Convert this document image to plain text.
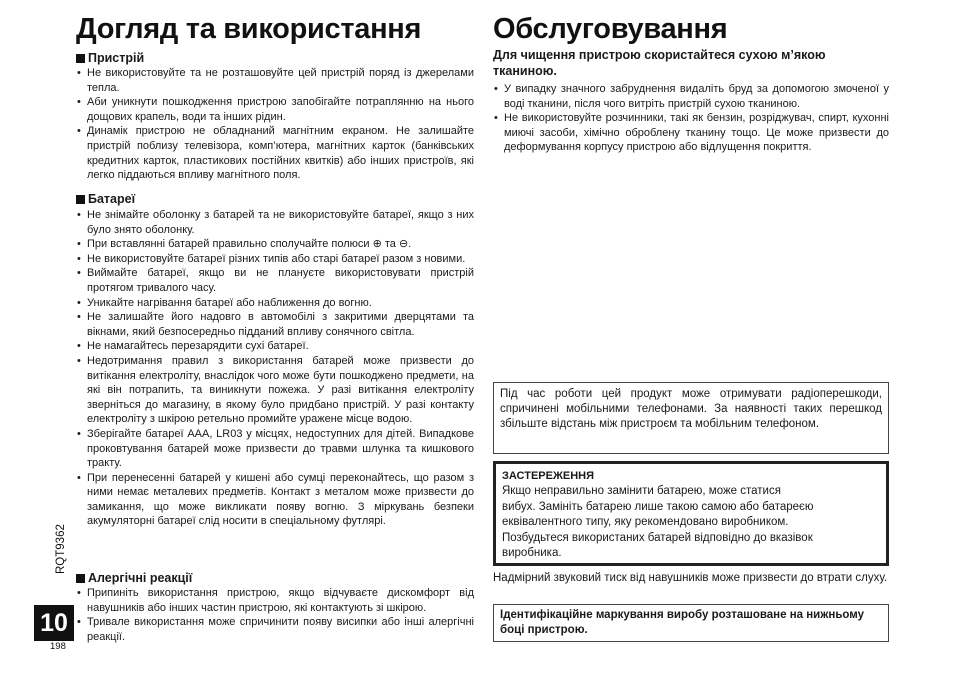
Догляд та використання
Пристрій
• Не використовуйте та не розташовуйте цей пристрій поряд із джерелами тепла.
• Аби уникнути пошкодження пристрою запобігайте потраплянню на нього дощових крапель, води та інших рідин.
• Динамік пристрою не обладнаний магнітним екраном. Не залишайте пристрій поблизу телевізора, комп’ютера, магнітних карток (банківських кредитних карток, пластикових постійних квитків) або інших пристроїв, які легко піддаються впливу магнітного поля.
Батареї
• Не знімайте оболонку з батарей та не використовуйте батареї, якщо з них було знято оболонку.
• При вставлянні батарей правильно сполучайте полюси ⊕ та ⊖.
• Не використовуйте батареї різних типів або старі батареї разом з новими.
• Виймайте батареї, якщо ви не плануєте використовувати пристрій протягом тривалого часу.
• Уникайте нагрівання батареї або наближення до вогню.
• Не залишайте його надовго в автомобілі з закритими дверцятами та вікнами, який безпосередньо підданий впливу сонячного світла.
• Не намагайтесь перезарядити сухі батареї.
• Недотримання правил з використання батарей може призвести до витікання електроліту, внаслідок чого може бути пошкоджено предмети, на які він потрапить, та виникнути пожежа. У разі витікання електроліту зверніться до магазину, в якому було придбано пристрій. У разі контакту електроліту з шкірою ретельно промийте уражене місце водою.
• Зберігайте батареї AAA, LR03 у місцях, недоступних для дітей. Випадкове проковтування батарей може призвести до травми шлунка та кишкового тракту.
• При перенесенні батарей у кишені або сумці переконайтесь, що разом з ними немає металевих предметів. Контакт з металом може призвести до замикання, що може викликати появу вогню. З міркувань безпеки акумуляторні батареї слід носити в спеціальному футлярі.
Алергічні реакції
• Припиніть використання пристрою, якщо відчуваєте дискомфорт від навушників або інших частин пристрою, які контактують зі шкірою.
• Тривале використання може спричинити появу висипки або інші алергічні реакції.
Обслуговування
Для чищення пристрою скористайтеся сухою м’якою тканиною.
• У випадку значного забруднення видаліть бруд за допомогою змоченої у воді тканини, після чого витріть пристрій сухою тканиною.
• Не використовуйте розчинники, такі як бензин, розріджувач, спирт, кухонні миючі засоби, хімічно оброблену тканину тощо. Це може призвести до деформування корпусу пристрою або відлущення покриття.
Під час роботи цей продукт може отримувати радіоперешкоди, спричинені мобільними телефонами. За наявності таких перешкод збільште відстань між пристроєм та мобільним телефоном.
ЗАСТЕРЕЖЕННЯ
Якщо неправильно замінити батарею, може статися
вибух. Замініть батарею лише такою самою або батареєю
еквівалентного типу, яку рекомендовано виробником.
Позбудьтеся використаних батарей відповідно до вказівок
виробника.
Надмірний звуковий тиск від навушників може призвести до втрати слуху.
Ідентифікаційне маркування виробу розташоване на нижньому боці пристрою.
RQT9362
10
198
